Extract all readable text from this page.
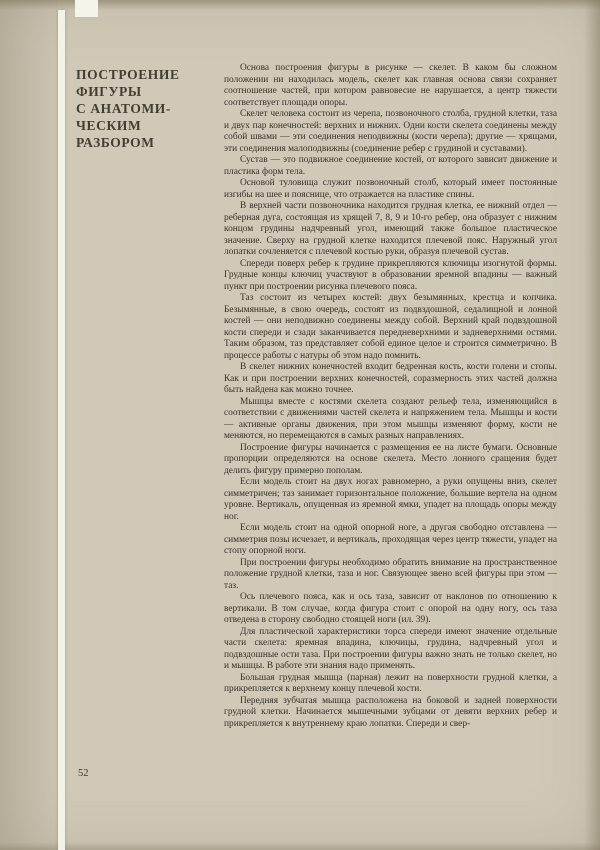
ПОСТРОЕНИЕ
ФИГУРЫ
С АНАТОМИ-
ЧЕСКИМ
РАЗБОРОМ

Основа построения фигуры в рисунке — скелет. В каком бы сложном положении ни находилась модель, скелет как главная основа связи сохраняет соотношение частей, при котором равновесие не нарушается, а центр тяжести соответствует площади опоры.

Скелет человека состоит из черепа, позвоночного столба, грудной клетки, таза и двух пар конечностей: верхних и нижних. Одни кости скелета соединены между собой швами — эти соединения неподвижны (кости черепа); другие — хрящами, эти соединения малоподвижны (соединение ребер с грудиной и суставами).

Сустав — это подвижное соединение костей, от которого зависит движение и пластика форм тела.

Основой туловища служит позвоночный столб, который имеет постоянные изгибы на шее и пояснице, что отражается на пластике спины.

В верхней части позвоночника находится грудная клетка, ее нижний отдел — реберная дуга, состоящая из хрящей 7, 8, 9 и 10-го ребер, она образует с нижним концом грудины надчревный угол, имеющий также большое пластическое значение. Сверху на грудной клетке находится плечевой пояс. Наружный угол лопатки сочленяется с плечевой костью руки, образуя плечевой сустав.

Спереди поверх ребер к грудине прикрепляются ключицы изогнутой формы. Грудные концы ключиц участвуют в образовании яремной впадины — важный пункт при построении рисунка плечевого пояса.

Таз состоит из четырех костей: двух безымянных, крестца и копчика. Безымянные, в свою очередь, состоят из подвздошной, седалищной и лонной костей — они неподвижно соединены между собой. Верхний край подвздошной кости спереди и сзади заканчивается передневерхними и задневерхними остями. Таким образом, таз представляет собой единое целое и строится симметрично. В процессе работы с натуры об этом надо помнить.

В скелет нижних конечностей входит бедренная кость, кости голени и стопы. Как и при построении верхних конечностей, соразмерность этих частей должна быть найдена как можно точнее.

Мышцы вместе с костями скелета создают рельеф тела, изменяющийся в соответствии с движениями частей скелета и напряжением тела. Мышцы и кости — активные органы движения, при этом мышцы изменяют форму, кости не меняются, но перемещаются в самых разных направлениях.

Построение фигуры начинается с размещения ее на листе бумаги. Основные пропорции определяются на основе скелета. Место лонного сращения будет делить фигуру примерно пополам.

Если модель стоит на двух ногах равномерно, а руки опущены вниз, скелет симметричен; таз занимает горизонтальное положение, большие вертела на одном уровне. Вертикаль, опущенная из яремной ямки, упадет на площадь опоры между ног.

Если модель стоит на одной опорной ноге, а другая свободно отставлена — симметрия позы исчезает, и вертикаль, проходящая через центр тяжести, упадет на стопу опорной ноги.

При построении фигуры необходимо обратить внимание на пространственное положение грудной клетки, таза и ног. Связующее звено всей фигуры при этом — таз.

Ось плечевого пояса, как и ось таза, зависит от наклонов по отношению к вертикали. В том случае, когда фигура стоит с опорой на одну ногу, ось таза отведена в сторону свободно стоящей ноги (ил. 39).

Для пластической характеристики торса спереди имеют значение отдельные части скелета: яремная впадина, ключицы, грудина, надчревный угол и подвздошные ости таза. При построении фигуры важно знать не только скелет, но и мышцы. В работе эти знания надо применять.

Большая грудная мышца (парная) лежит на поверхности грудной клетки, а прикрепляется к верхнему концу плечевой кости.

Передняя зубчатая мышца расположена на боковой и задней поверхности грудной клетки. Начинается мышечными зубцами от девяти верхних ребер и прикрепляется к внутреннему краю лопатки. Спереди и свер-

52
